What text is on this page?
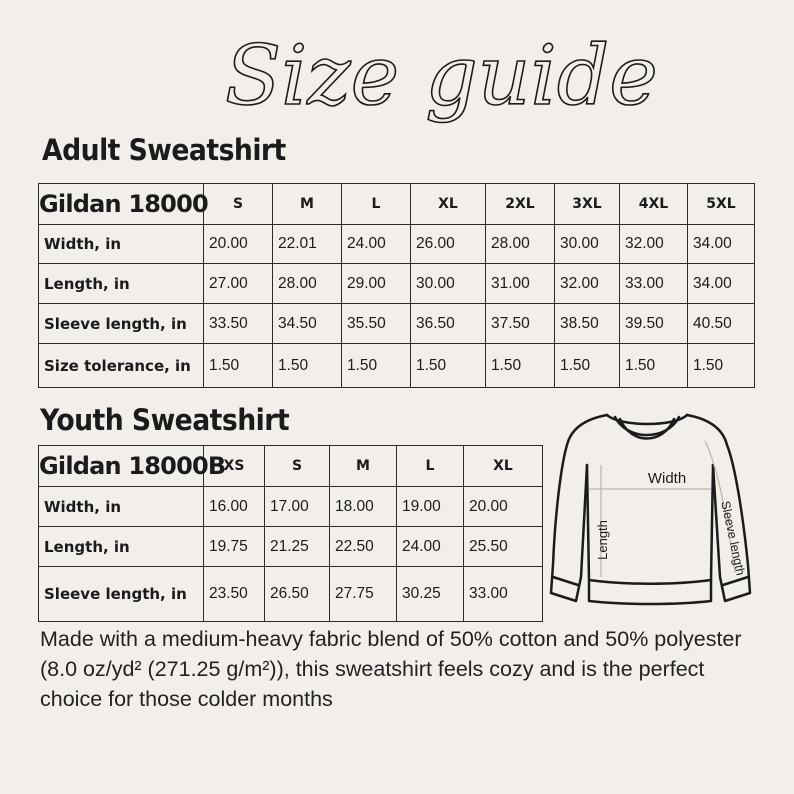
Size guide
Adult Sweatshirt
Gildan 18000	S	M	L	XL	2XL	3XL	4XL	5XL
Width, in	20.00	22.01	24.00	26.00	28.00	30.00	32.00	34.00
Length, in	27.00	28.00	29.00	30.00	31.00	32.00	33.00	34.00
Sleeve length, in	33.50	34.50	35.50	36.50	37.50	38.50	39.50	40.50
Size tolerance, in	1.50	1.50	1.50	1.50	1.50	1.50	1.50	1.50
Youth Sweatshirt
Gildan 18000B	XS	S	M	L	XL
Width, in	16.00	17.00	18.00	19.00	20.00
Length, in	19.75	21.25	22.50	24.00	25.50
Sleeve length, in	23.50	26.50	27.75	30.25	33.00
Width
Length	Sleeve length

Made with a medium-heavy fabric blend of 50% cotton and 50% polyester (8.0 oz/yd² (271.25 g/m²)), this sweatshirt feels cozy and is the perfect choice for those colder months
